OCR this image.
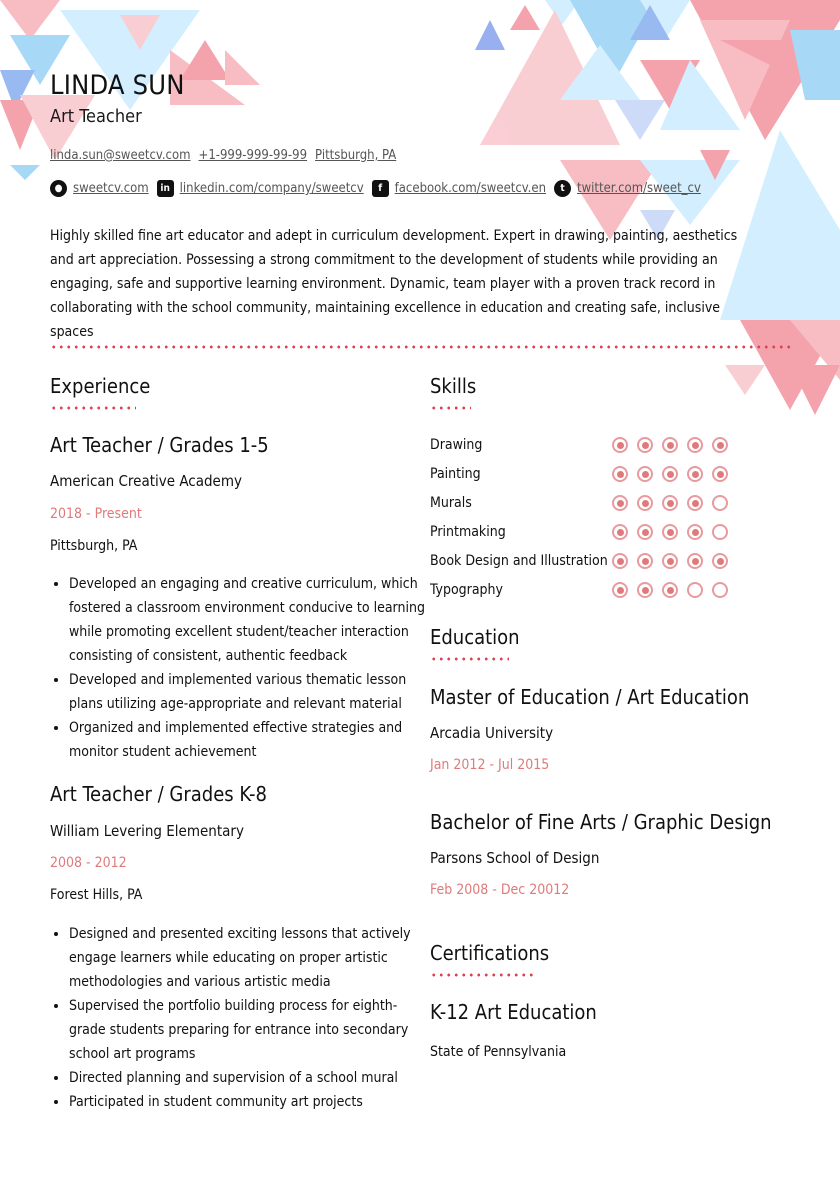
LINDA SUN
Art Teacher
linda.sun@sweetcv.com +1-999-999-99-99 Pittsburgh, PA
● sweetcv.com	in linkedin.com/company/sweetcv	f facebook.com/sweetcv.en	t twitter.com/sweet_cv
Highly skilled fine art educator and adept in curriculum development. Expert in drawing, painting, aesthetics and art appreciation. Possessing a strong commitment to the development of students while providing an engaging, safe and supportive learning environment. Dynamic, team player with a proven track record in collaborating with the school community, maintaining excellence in education and creating safe, inclusive spaces
Experience
Art Teacher / Grades 1-5
American Creative Academy
2018 - Present
Pittsburgh, PA
• Developed an engaging and creative curriculum, which fostered a classroom environment conducive to learning while promoting excellent student/teacher interaction consisting of consistent, authentic feedback
• Developed and implemented various thematic lesson plans utilizing age-appropriate and relevant material
• Organized and implemented effective strategies and monitor student achievement
Art Teacher / Grades K-8
William Levering Elementary
2008 - 2012
Forest Hills, PA
• Designed and presented exciting lessons that actively engage learners while educating on proper artistic methodologies and various artistic media
• Supervised the portfolio building process for eighth-grade students preparing for entrance into secondary school art programs
• Directed planning and supervision of a school mural
• Participated in student community art projects
Skills
Drawing
Painting
Murals
Printmaking
Book Design and Illustration
Typography
Education
Master of Education / Art Education
Arcadia University
Jan 2012 - Jul 2015
Bachelor of Fine Arts / Graphic Design
Parsons School of Design
Feb 2008 - Dec 20012
Certifications
K-12 Art Education
State of Pennsylvania
